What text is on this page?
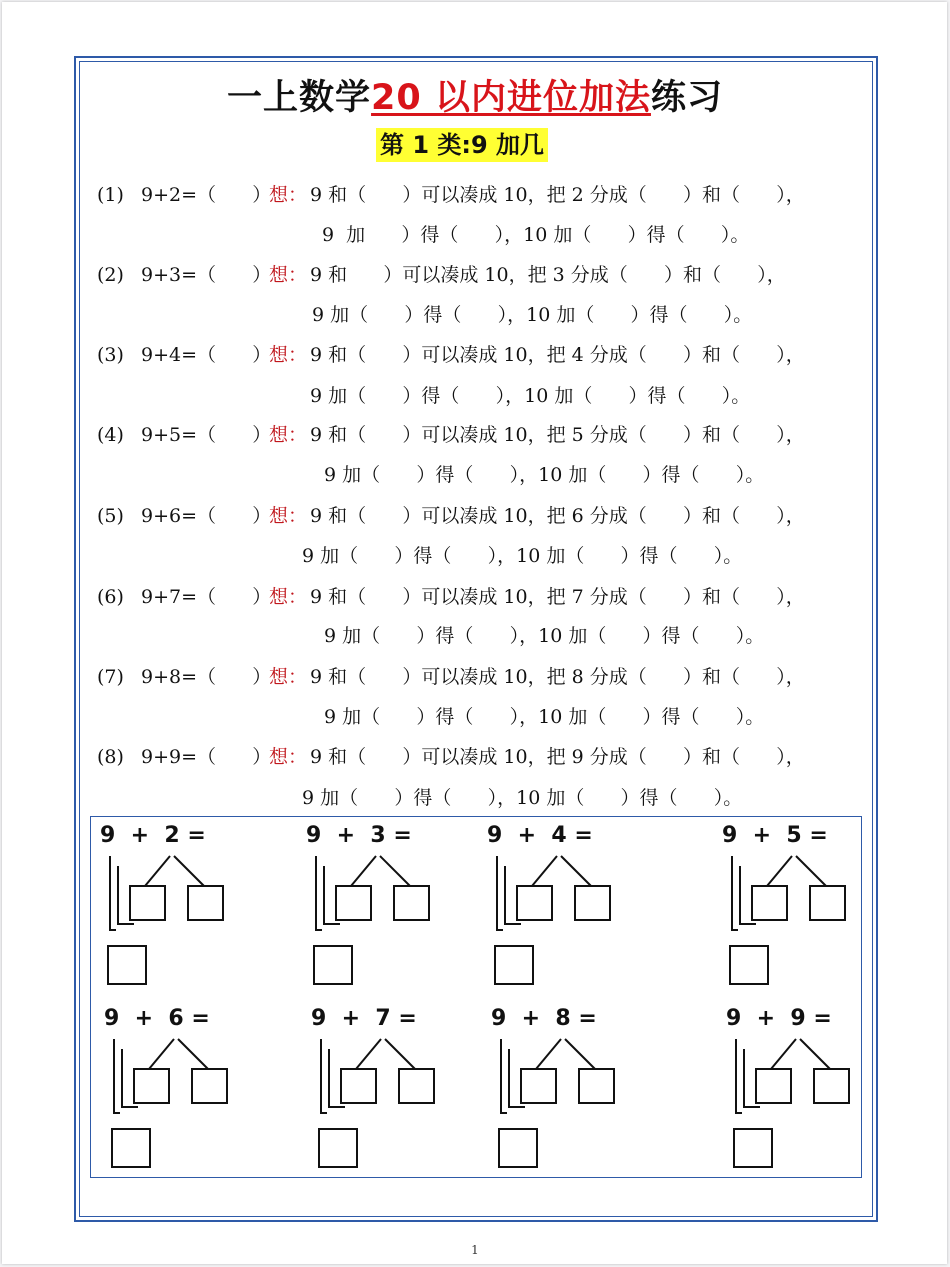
一上数学20 以内进位加法练习
第 1 类:9 加几

(1)

9+2=（      ）

想：

9 和（      ）可以凑成 10，把 2 分成（      ）和（      ），

9  加      ）得（      ），10 加（      ）得（      ）。

(2)

9+3=（      ）

想：

9 和      ）可以凑成 10，把 3 分成（      ）和（      ），

9 加（      ）得（      ），10 加（      ）得（      ）。

(3)

9+4=（      ）

想：

9 和（      ）可以凑成 10，把 4 分成（      ）和（      ），

9 加（      ）得（      ），10 加（      ）得（      ）。

(4)

9+5=（      ）

想：

9 和（      ）可以凑成 10，把 5 分成（      ）和（      ），

9 加（      ）得（      ），10 加（      ）得（      ）。

(5)

9+6=（      ）

想：

9 和（      ）可以凑成 10，把 6 分成（      ）和（      ），

9 加（      ）得（      ），10 加（      ）得（      ）。

(6)

9+7=（      ）

想：

9 和（      ）可以凑成 10，把 7 分成（      ）和（      ），

9 加（      ）得（      ），10 加（      ）得（      ）。

(7)

9+8=（      ）

想：

9 和（      ）可以凑成 10，把 8 分成（      ）和（      ），

9 加（      ）得（      ），10 加（      ）得（      ）。

(8)

9+9=（      ）

想：

9 和（      ）可以凑成 10，把 9 分成（      ）和（      ），

9 加（      ）得（      ），10 加（      ）得（      ）。

9  +  2 =	9  +  3 =	9  +  4 =	9  +  5 =
9  +  6 =	9  +  7 =	9  +  8 =	9  +  9 =
1
